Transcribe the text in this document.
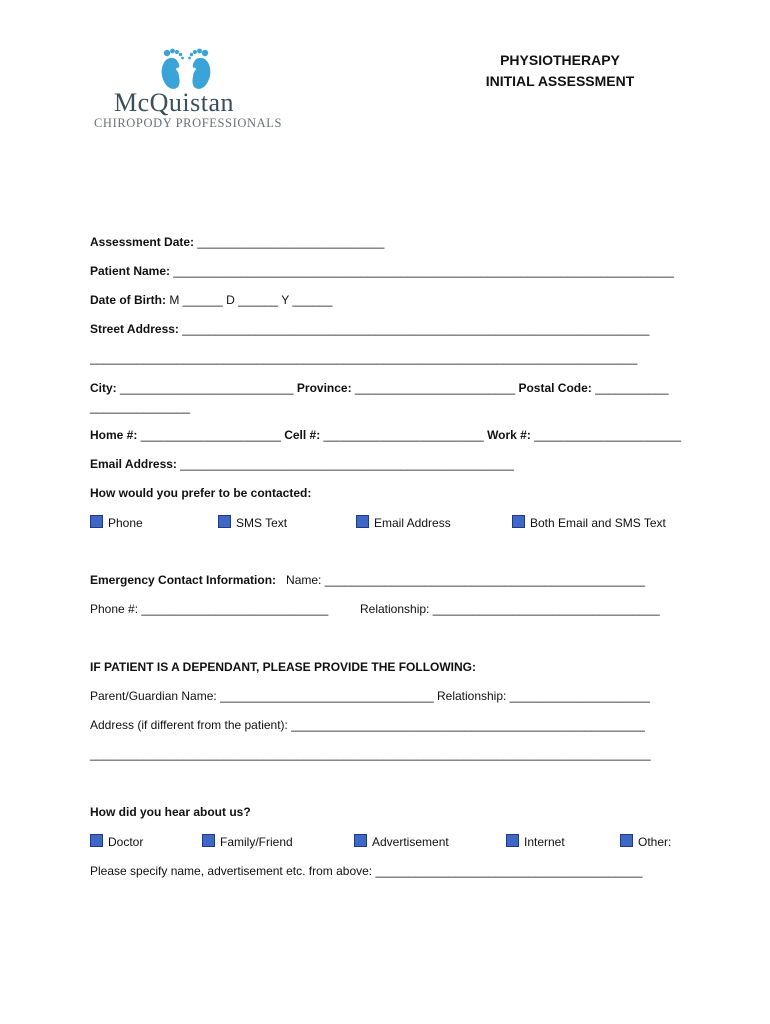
McQuistan
CHIROPODY PROFESSIONALS
PHYSIOTHERAPY
INITIAL ASSESSMENT
Assessment Date: ____________________________
Patient Name: ___________________________________________________________________________
Date of Birth: M ______ D ______ Y ______
Street Address: ______________________________________________________________________
__________________________________________________________________________________
City: __________________________ Province: ________________________ Postal Code: ___________
_______________
Home #: _____________________ Cell #: ________________________ Work #: ______________________
Email Address: __________________________________________________
How would you prefer to be contacted:
Phone	SMS Text	Email Address	Both Email and SMS Text
Emergency Contact Information: Name: ________________________________________________
Phone #: ____________________________	Relationship: __________________________________
IF PATIENT IS A DEPENDANT, PLEASE PROVIDE THE FOLLOWING:
Parent/Guardian Name: ________________________________ Relationship: _____________________
Address (if different from the patient): _____________________________________________________
____________________________________________________________________________________
How did you hear about us?
Doctor	Family/Friend	Advertisement	Internet	Other:
Please specify name, advertisement etc. from above: ________________________________________
